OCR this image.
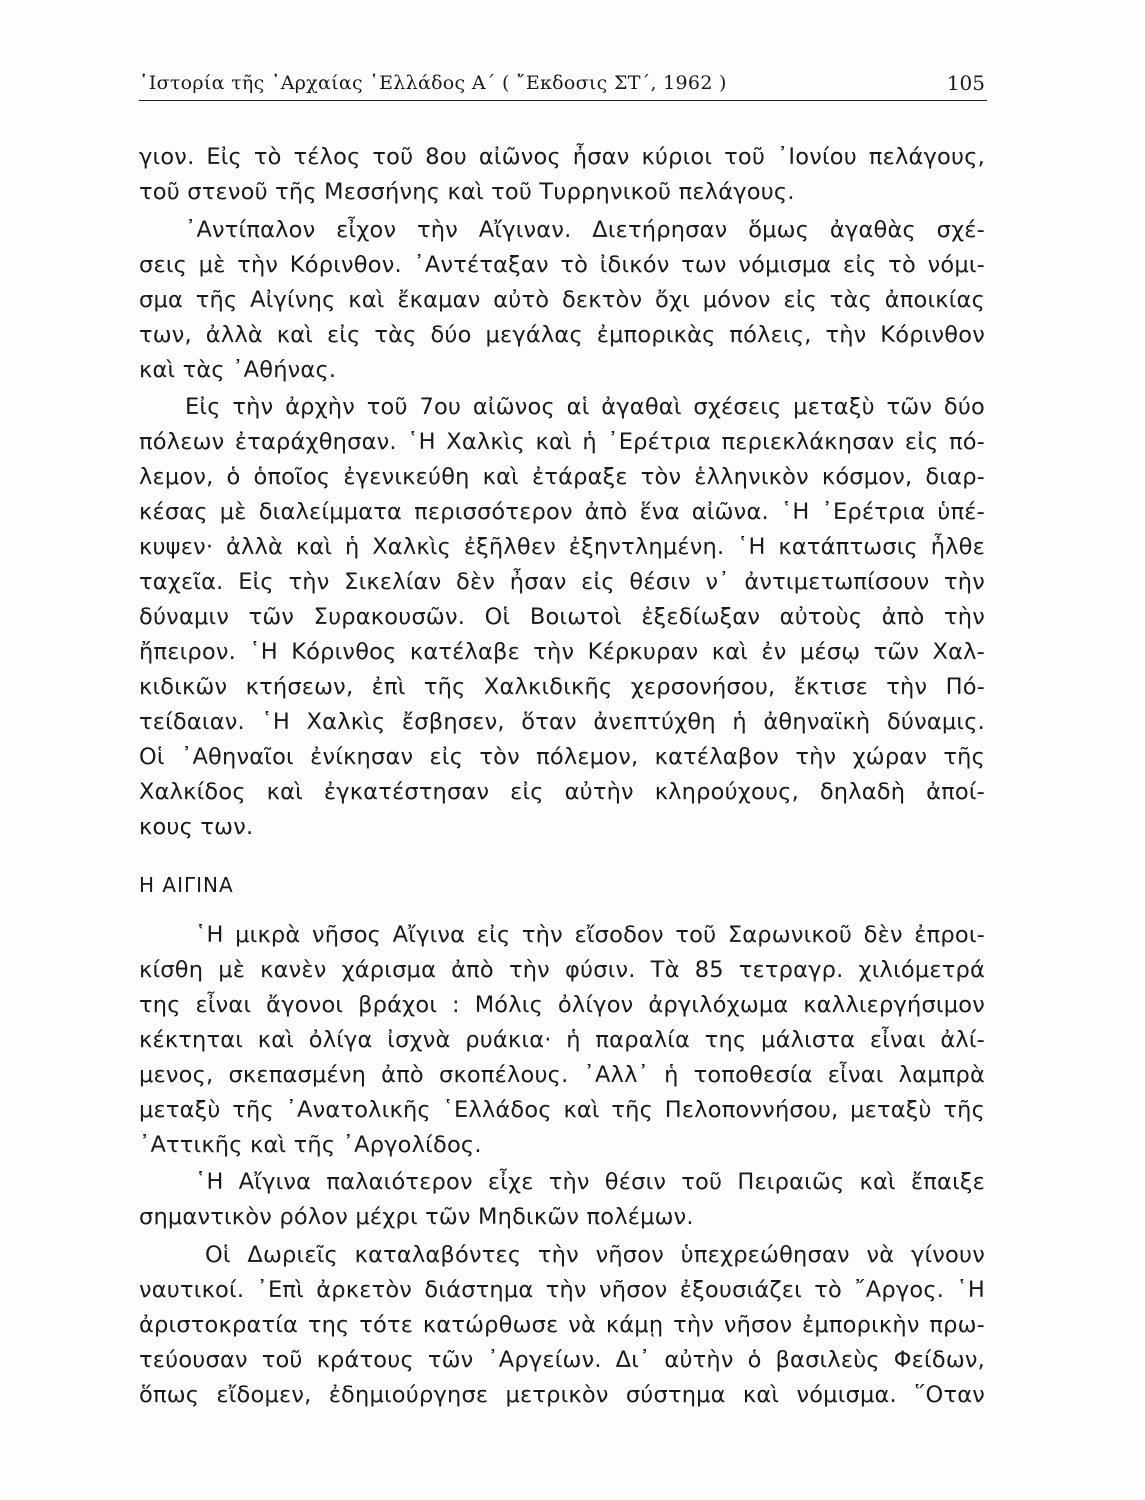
῾Ιστορία τῆς ᾿Αρχαίας ῾Ελλάδος Α΄ ( ῎Εκδοσις ΣΤ΄, 1962 )	105
γιον. Εἰς τὸ τέλος τοῦ 8ου αἰῶνος ἦσαν κύριοι τοῦ ᾿Ιονίου πελάγους,
τοῦ στενοῦ τῆς Μεσσήνης καὶ τοῦ Τυρρηνικοῦ πελάγους.
᾿Αντίπαλον εἶχον τὴν Αἴγιναν. Διετήρησαν ὅμως ἀγαθὰς σχέ-
σεις μὲ τὴν Κόρινθον. ᾿Αντέταξαν τὸ ἰδικόν των νόμισμα εἰς τὸ νόμι-
σμα τῆς Αἰγίνης καὶ ἔκαμαν αὐτὸ δεκτὸν ὄχι μόνον εἰς τὰς ἀποικίας
των, ἀλλὰ καὶ εἰς τὰς δύο μεγάλας ἐμπορικὰς πόλεις, τὴν Κόρινθον
καὶ τὰς ᾿Αθήνας.
Εἰς τὴν ἀρχὴν τοῦ 7ου αἰῶνος αἱ ἀγαθαὶ σχέσεις μεταξὺ τῶν δύο
πόλεων ἐταράχθησαν. ῾Η Χαλκὶς καὶ ἡ ᾿Ερέτρια περιεκλάκησαν εἰς πό-
λεμον, ὁ ὁποῖος ἐγενικεύθη καὶ ἐτάραξε τὸν ἑλληνικὸν κόσμον, διαρ-
κέσας μὲ διαλείμματα περισσότερον ἀπὸ ἕνα αἰῶνα. ῾Η ᾿Ερέτρια ὑπέ-
κυψεν· ἀλλὰ καὶ ἡ Χαλκὶς ἐξῆλθεν ἐξηντλημένη. ῾Η κατάπτωσις ἦλθε
ταχεῖα. Εἰς τὴν Σικελίαν δὲν ἦσαν εἰς θέσιν ν᾿ ἀντιμετωπίσουν τὴν
δύναμιν τῶν Συρακουσῶν. Οἱ Βοιωτοὶ ἐξεδίωξαν αὐτοὺς ἀπὸ τὴν
ἤπειρον. ῾Η Κόρινθος κατέλαβε τὴν Κέρκυραν καὶ ἐν μέσῳ τῶν Χαλ-
κιδικῶν κτήσεων, ἐπὶ τῆς Χαλκιδικῆς χερσονήσου, ἔκτισε τὴν Πό-
τείδαιαν. ῾Η Χαλκὶς ἔσβησεν, ὅταν ἀνεπτύχθη ἡ ἀθηναϊκὴ δύναμις.
Οἱ ᾿Αθηναῖοι ἐνίκησαν εἰς τὸν πόλεμον, κατέλαβον τὴν χώραν τῆς
Χαλκίδος καὶ ἐγκατέστησαν εἰς αὐτὴν κληρούχους, δηλαδὴ ἀποί-
κους των.
Η ΑΙΓΙΝΑ
῾Η μικρὰ νῆσος Αἴγινα εἰς τὴν εἴσοδον τοῦ Σαρωνικοῦ δὲν ἐπροι-
κίσθη μὲ κανὲν χάρισμα ἀπὸ τὴν φύσιν. Τὰ 85 τετραγρ. χιλιόμετρά
της εἶναι ἄγονοι βράχοι : Μόλις ὀλίγον ἀργιλόχωμα καλλιεργήσιμον
κέκτηται καὶ ὀλίγα ἰσχνὰ ρυάκια· ἡ παραλία της μάλιστα εἶναι ἀλί-
μενος, σκεπασμένη ἀπὸ σκοπέλους. ᾿Αλλ᾿ ἡ τοποθεσία εἶναι λαμπρὰ
μεταξὺ τῆς ᾿Ανατολικῆς ῾Ελλάδος καὶ τῆς Πελοποννήσου, μεταξὺ τῆς
᾿Αττικῆς καὶ τῆς ᾿Αργολίδος.
῾Η Αἴγινα παλαιότερον εἶχε τὴν θέσιν τοῦ Πειραιῶς καὶ ἔπαιξε
σημαντικὸν ρόλον μέχρι τῶν Μηδικῶν πολέμων.
Οἱ Δωριεῖς καταλαβόντες τὴν νῆσον ὑπεχρεώθησαν νὰ γίνουν
ναυτικοί. ᾿Επὶ ἀρκετὸν διάστημα τὴν νῆσον ἐξουσιάζει τὸ ῎Αργος. ῾Η
ἀριστοκρατία της τότε κατώρθωσε νὰ κάμῃ τὴν νῆσον ἐμπορικὴν πρω-
τεύουσαν τοῦ κράτους τῶν ᾿Αργείων. Δι᾿ αὐτὴν ὁ βασιλεὺς Φείδων,
ὅπως εἴδομεν, ἐδημιούργησε μετρικὸν σύστημα καὶ νόμισμα. ῞Οταν
